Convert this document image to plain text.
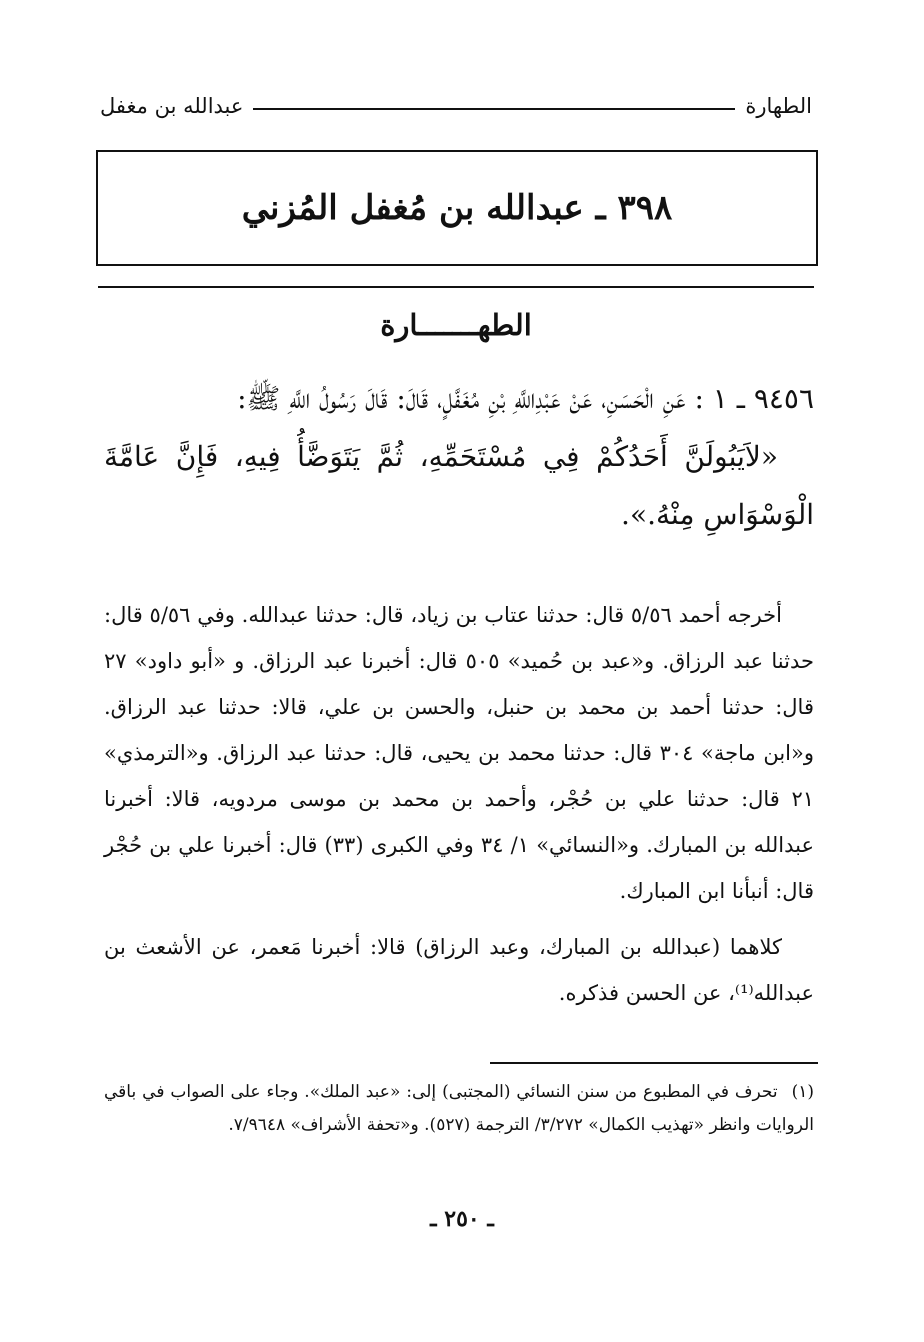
الطهارة
عبدالله بن مغفل
٣٩٨ ـ عبدالله بن مُغفل المُزني
الطهـــــــارة

٩٤٥٦ ـ ١ : عَنِ الْحَسَنِ، عَنْ عَبْدِاللَّهِ بْنِ مُغَفَّلٍ، قَالَ: قَالَ رَسُولُ اللَّهِ ﷺ:

«لاَيَبُولَنَّ أَحَدُكُمْ فِي مُسْتَحَمِّهِ، ثُمَّ يَتَوَضَّأُ فِيهِ، فَإِنَّ عَامَّةَ الْوَسْوَاسِ مِنْهُ.».

أخرجه أحمد ٥/٥٦ قال: حدثنا عتاب بن زياد، قال: حدثنا عبدالله. وفي ٥/٥٦ قال: حدثنا عبد الرزاق. و«عبد بن حُميد» ٥٠٥ قال: أخبرنا عبد الرزاق. و «أبو داود» ٢٧ قال: حدثنا أحمد بن محمد بن حنبل، والحسن بن علي، قالا: حدثنا عبد الرزاق. و«ابن ماجة» ٣٠٤ قال: حدثنا محمد بن يحيى، قال: حدثنا عبد الرزاق. و«الترمذي» ٢١ قال: حدثنا علي بن حُجْر، وأحمد بن محمد بن موسى مردويه، قالا: أخبرنا عبدالله بن المبارك. و«النسائي» ١/ ٣٤ وفي الكبرى (٣٣) قال: أخبرنا علي بن حُجْر قال: أنبأنا ابن المبارك.

كلاهما (عبدالله بن المبارك، وعبد الرزاق) قالا: أخبرنا مَعمر، عن الأشعث بن عبدالله⁽¹⁾، عن الحسن فذكره.

(١) تحرف في المطبوع من سنن النسائي (المجتبى) إلى: «عبد الملك». وجاء على الصواب في باقي الروايات وانظر «تهذيب الكمال» ٣/٢٧٢/ الترجمة (٥٢٧). و«تحفة الأشراف» ٧/٩٦٤٨.

ـ ٢٥٠ ـ
